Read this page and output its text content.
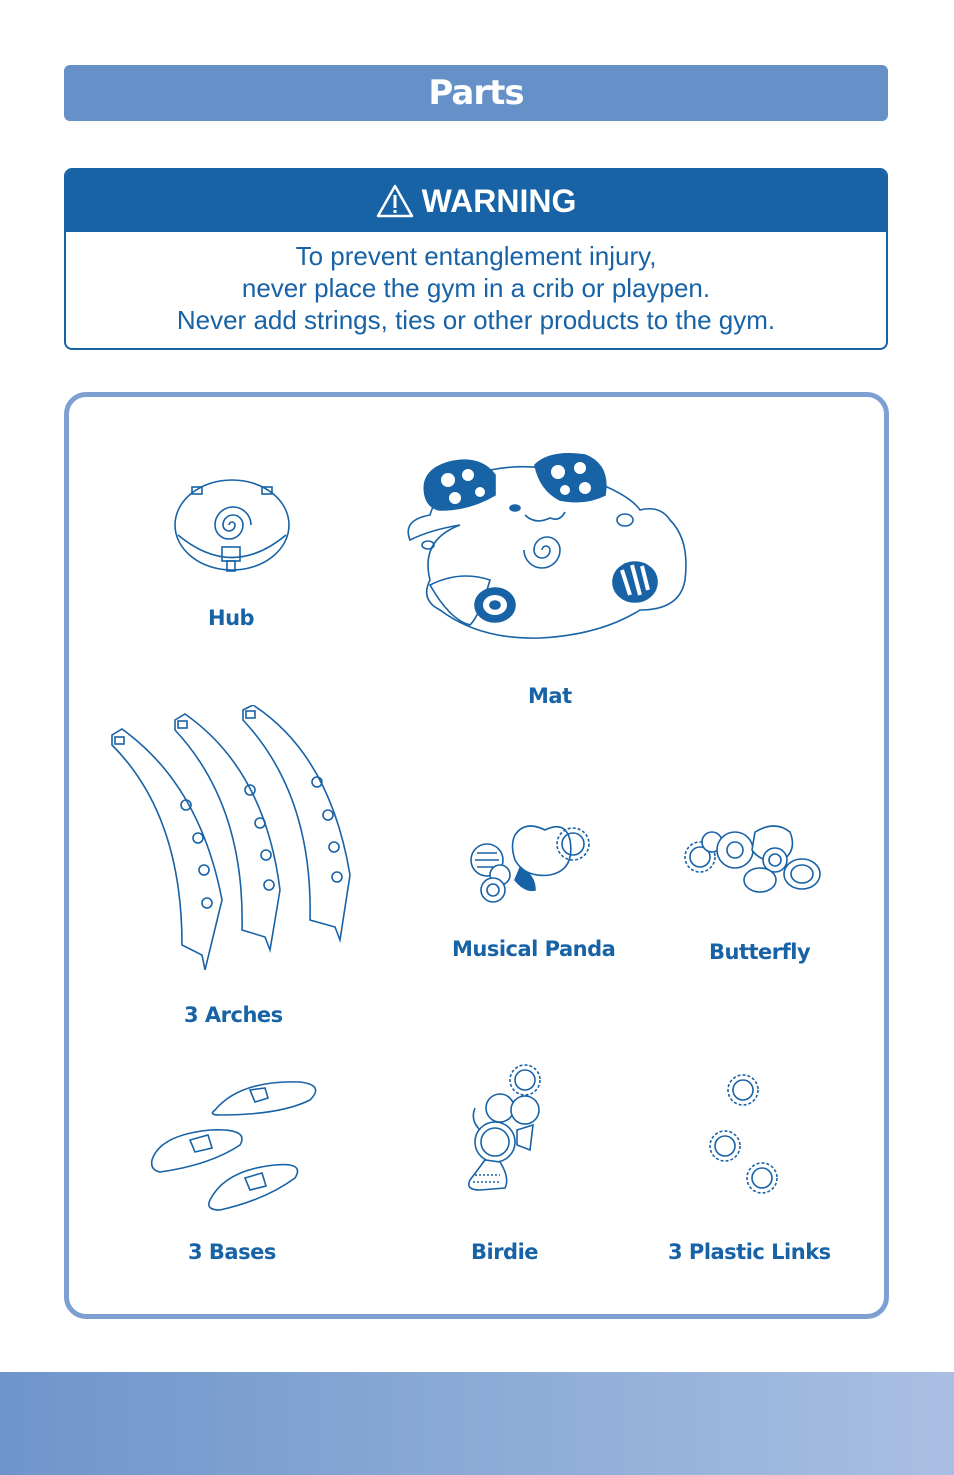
Parts
WARNING
To prevent entanglement injury,
never place the gym in a crib or playpen.
Never add strings, ties or other products to the gym.
Hub
Mat
3 Arches
Musical Panda	Butterfly
3 Bases	Birdie	3 Plastic Links
